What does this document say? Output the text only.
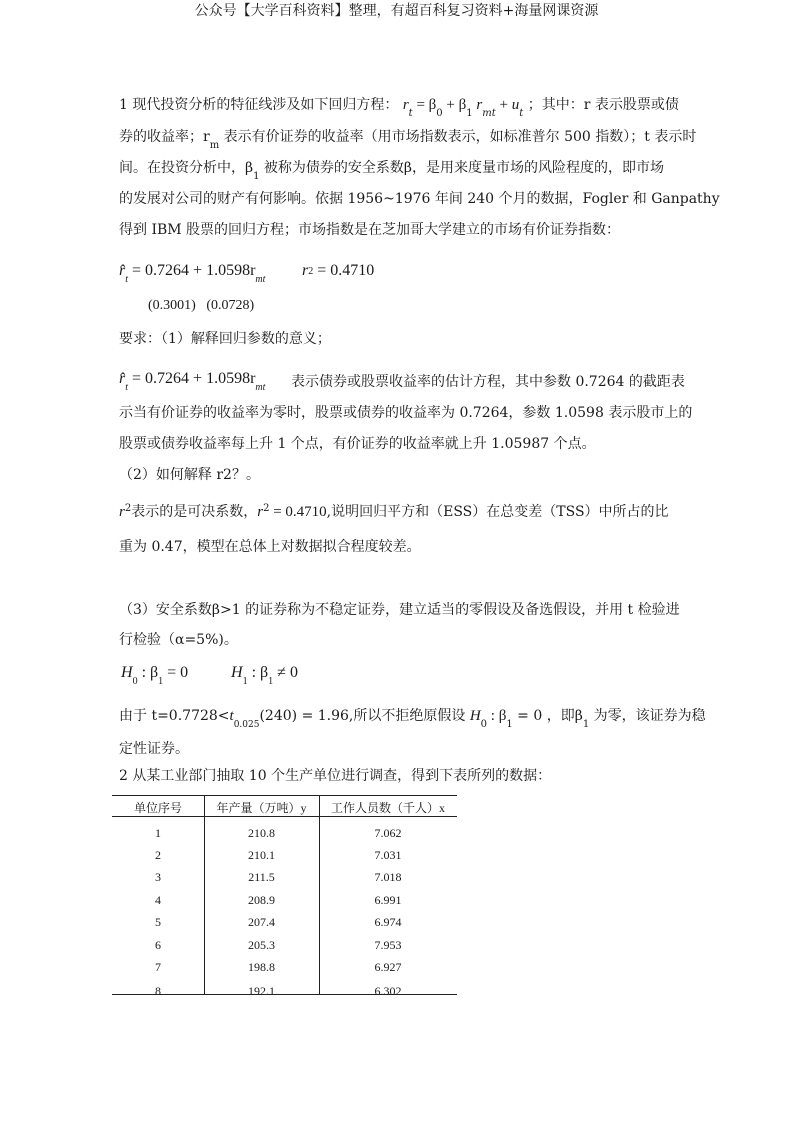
公众号【大学百科资料】整理，有超百科复习资料+海量网课资源
1 现代投资分析的特征线涉及如下回归方程： $r_t = \beta_0 + \beta_1$ $r_{mt} + u_t$ ；其中：r 表示股票或债
券的收益率；$r_m$ 表示有价证券的收益率（用市场指数表示，如标准普尔 500 指数）；t 表示时
间。在投资分析中，$\beta_1$ 被称为债券的安全系数β，是用来度量市场的风险程度的，即市场
的发展对公司的财产有何影响。依据 1956~1976 年间 240 个月的数据，Fogler 和 Ganpathy
得到 IBM 股票的回归方程；市场指数是在芝加哥大学建立的市场有价证券指数：
$r̂_t = 0.7264 + 1.0598r_{mt}$
r2 = 0.4710
(0.3001)   (0.0728)
要求：（1）解释回归参数的意义；
$r̂_t = 0.7264 + 1.0598r_{mt}$ 表示债券或股票收益率的估计方程，其中参数 0.7264 的截距表
示当有价证券的收益率为零时，股票或债券的收益率为 0.7264，参数 1.0598 表示股市上的
股票或债券收益率每上升 1 个点，有价证券的收益率就上升 1.05987 个点。
（2）如何解释 r2？。
$r^2$表示的是可决系数，$r^2 = 0.4710$,说明回归平方和（ESS）在总变差（TSS）中所占的比
重为 0.47，模型在总体上对数据拟合程度较差。
（3）安全系数β>1 的证券称为不稳定证券，建立适当的零假设及备选假设，并用 t 检验进
行检验（α=5%)。
$H_0$ : $\beta_1 = 0$	$H_1$ : $\beta_1 \ne 0$
由于 $t=0.7728<t_{0.025}(240) = 1.96$,所以不拒绝原假设 $H_0$ : $\beta_1 = 0$ ，即$\beta_1$ 为零，该证券为稳
定性证券。
2 从某工业部门抽取 10 个生产单位进行调查，得到下表所列的数据：
单位序号	年产量（万吨）y	工作人员数（千人）x
1	210.8	7.062
2	210.1	7.031
3	211.5	7.018
4	208.9	6.991
5	207.4	6.974
6	205.3	7.953
7	198.8	6.927
8	192.1	6.302
